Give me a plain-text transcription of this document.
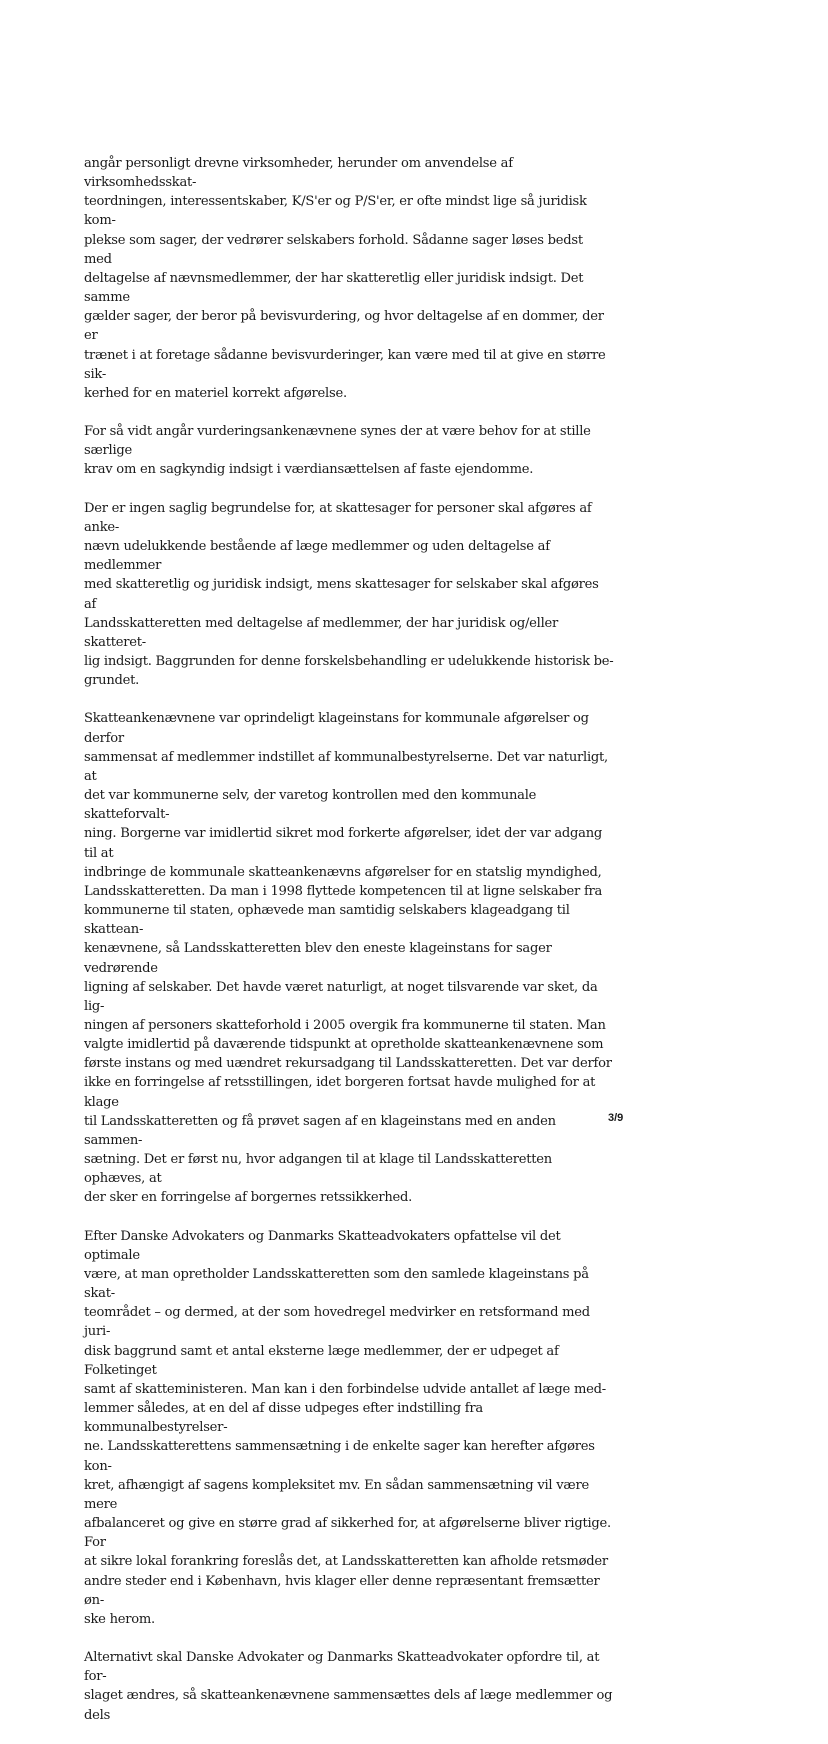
angår personligt drevne virksomheder, herunder om anvendelse af virksomhedsskat-
teordningen, interessentskaber, K/S'er og P/S'er, er ofte mindst lige så juridisk kom-
plekse som sager, der vedrører selskabers forhold. Sådanne sager løses bedst med
deltagelse af nævnsmedlemmer, der har skatteretlig eller juridisk indsigt. Det samme
gælder sager, der beror på bevisvurdering, og hvor deltagelse af en dommer, der er
trænet i at foretage sådanne bevisvurderinger, kan være med til at give en større sik-
kerhed for en materiel korrekt afgørelse.

For så vidt angår vurderingsankenævnene synes der at være behov for at stille særlige
krav om en sagkyndig indsigt i værdiansættelsen af faste ejendomme.

Der er ingen saglig begrundelse for, at skattesager for personer skal afgøres af anke-
nævn udelukkende bestående af læge medlemmer og uden deltagelse af medlemmer
med skatteretlig og juridisk indsigt, mens skattesager for selskaber skal afgøres af
Landsskatteretten med deltagelse af medlemmer, der har juridisk og/eller skatteret-
lig indsigt. Baggrunden for denne forskelsbehandling er udelukkende historisk be-
grundet.

Skatteankenævnene var oprindeligt klageinstans for kommunale afgørelser og derfor
sammensat af medlemmer indstillet af kommunalbestyrelserne. Det var naturligt, at
det var kommunerne selv, der varetog kontrollen med den kommunale skatteforvalt-
ning. Borgerne var imidlertid sikret mod forkerte afgørelser, idet der var adgang til at
indbringe de kommunale skatteankenævns afgørelser for en statslig myndighed,
Landsskatteretten. Da man i 1998 flyttede kompetencen til at ligne selskaber fra
kommunerne til staten, ophævede man samtidig selskabers klageadgang til skattean-
kenævnene, så Landsskatteretten blev den eneste klageinstans for sager vedrørende
ligning af selskaber. Det havde været naturligt, at noget tilsvarende var sket, da lig-
ningen af personers skatteforhold i 2005 overgik fra kommunerne til staten. Man
valgte imidlertid på daværende tidspunkt at opretholde skatteankenævnene som
første instans og med uændret rekursadgang til Landsskatteretten. Det var derfor
ikke en forringelse af retsstillingen, idet borgeren fortsat havde mulighed for at klage
til Landsskatteretten og få prøvet sagen af en klageinstans med en anden sammen-
sætning. Det er først nu, hvor adgangen til at klage til Landsskatteretten ophæves, at
der sker en forringelse af borgernes retssikkerhed.

Efter Danske Advokaters og Danmarks Skatteadvokaters opfattelse vil det optimale
være, at man opretholder Landsskatteretten som den samlede klageinstans på skat-
teområdet – og dermed, at der som hovedregel medvirker en retsformand med juri-
disk baggrund samt et antal eksterne læge medlemmer, der er udpeget af Folketinget
samt af skatteministeren. Man kan i den forbindelse udvide antallet af læge med-
lemmer således, at en del af disse udpeges efter indstilling fra kommunalbestyrelser-
ne. Landsskatterettens sammensætning i de enkelte sager kan herefter afgøres kon-
kret, afhængigt af sagens kompleksitet mv. En sådan sammensætning vil være mere
afbalanceret og give en større grad af sikkerhed for, at afgørelserne bliver rigtige. For
at sikre lokal forankring foreslås det, at Landsskatteretten kan afholde retsmøder
andre steder end i København, hvis klager eller denne repræsentant fremsætter øn-
ske herom.

Alternativt skal Danske Advokater og Danmarks Skatteadvokater opfordre til, at for-
slaget ændres, så skatteankenævnene sammensættes dels af læge medlemmer og dels

3/9
